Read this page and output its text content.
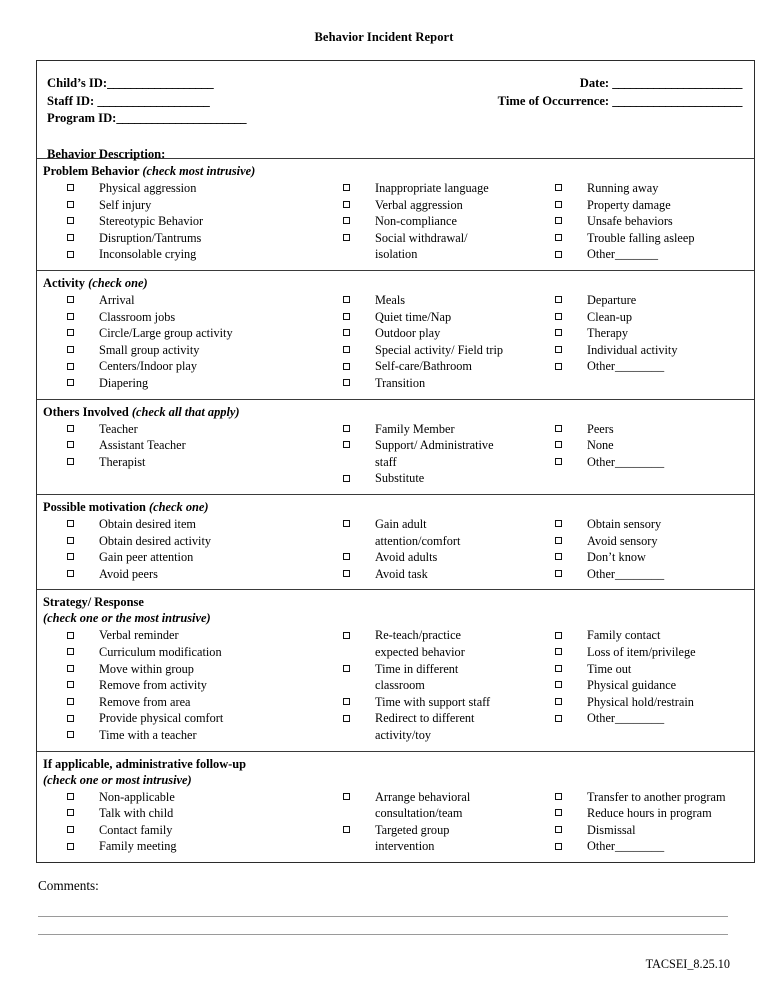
Behavior Incident Report
Child’s ID:__________________
Staff ID: ___________________
Program ID:______________________
Date: ______________________
Time of Occurrence: ______________________
Behavior Description:
Problem Behavior (check most intrusive)
Physical aggression
Self injury
Stereotypic Behavior
Disruption/Tantrums
Inconsolable crying
Inappropriate language
Verbal aggression
Non-compliance
Social withdrawal/
isolation
Running away
Property damage
Unsafe behaviors
Trouble falling asleep
Other_______
Activity (check one)
Arrival
Classroom jobs
Circle/Large group activity
Small group activity
Centers/Indoor play
Diapering
Meals
Quiet time/Nap
Outdoor play
Special activity/ Field trip
Self-care/Bathroom
Transition
Departure
Clean-up
Therapy
Individual activity
Other________
Others Involved (check all that apply)
Teacher
Assistant Teacher
Therapist
Family Member
Support/ Administrative
staff
Substitute
Peers
None
Other________
Possible motivation (check one)
Obtain desired item
Obtain desired activity
Gain peer attention
Avoid peers
Gain adult
attention/comfort
Avoid adults
Avoid task
Obtain sensory
Avoid sensory
Don’t know
Other________
Strategy/ Response
(check one or the most intrusive)
Verbal reminder
Curriculum modification
Move within group
Remove from activity
Remove from area
Provide physical comfort
Time with a teacher
Re-teach/practice
expected behavior
Time in different
classroom
Time with support staff
Redirect to different
activity/toy
Family contact
Loss of item/privilege
Time out
Physical guidance
Physical hold/restrain
Other________
If applicable, administrative follow-up
(check one or most intrusive)
Non-applicable
Talk with child
Contact family
Family meeting
Arrange behavioral
consultation/team
Targeted group
intervention
Transfer to another program
Reduce hours in program
Dismissal
Other________
Comments:
TACSEI_8.25.10
